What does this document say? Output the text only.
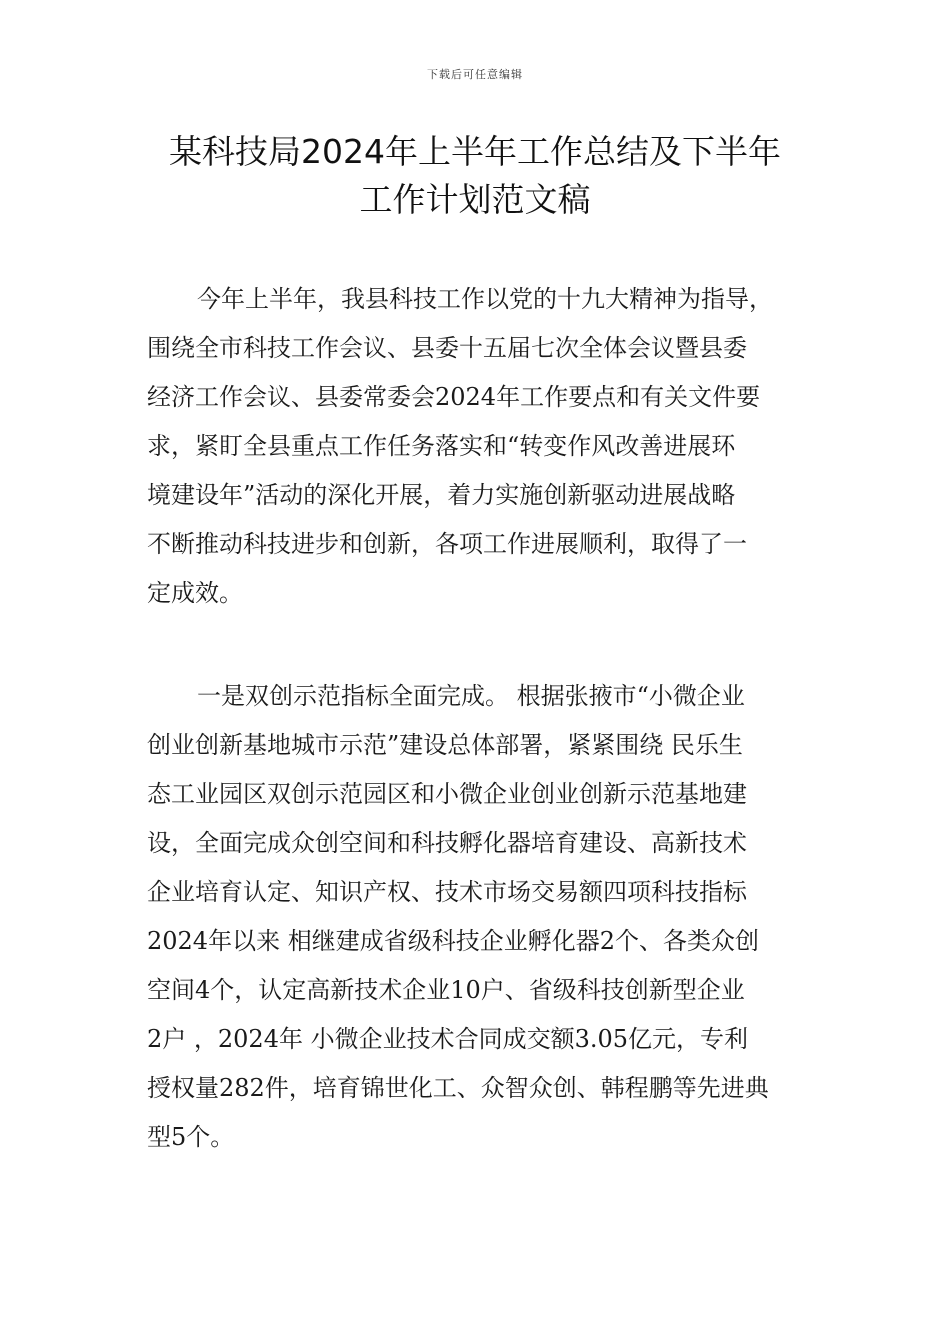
下载后可任意编辑
某科技局2024年上半年工作总结及下半年
工作计划范文稿
今年上半年，我县科技工作以党的十九大精神为指导，
围绕全市科技工作会议、县委十五届七次全体会议暨县委
经济工作会议、县委常委会2024年工作要点和有关文件要
求，紧盯全县重点工作任务落实和“转变作风改善进展环
境建设年”活动的深化开展，着力实施创新驱动进展战略
不断推动科技进步和创新，各项工作进展顺利，取得了一
定成效。
一是双创示范指标全面完成。 根据张掖市“小微企业
创业创新基地城市示范”建设总体部署，紧紧围绕 民乐生
态工业园区双创示范园区和小微企业创业创新示范基地建
设，全面完成众创空间和科技孵化器培育建设、高新技术
企业培育认定、知识产权、技术市场交易额四项科技指标
2024年以来 相继建成省级科技企业孵化器2个、各类众创
空间4个，认定高新技术企业10户、省级科技创新型企业
2户 ，2024年 小微企业技术合同成交额3.05亿元，专利
授权量282件，培育锦世化工、众智众创、韩程鹏等先进典
型5个。
